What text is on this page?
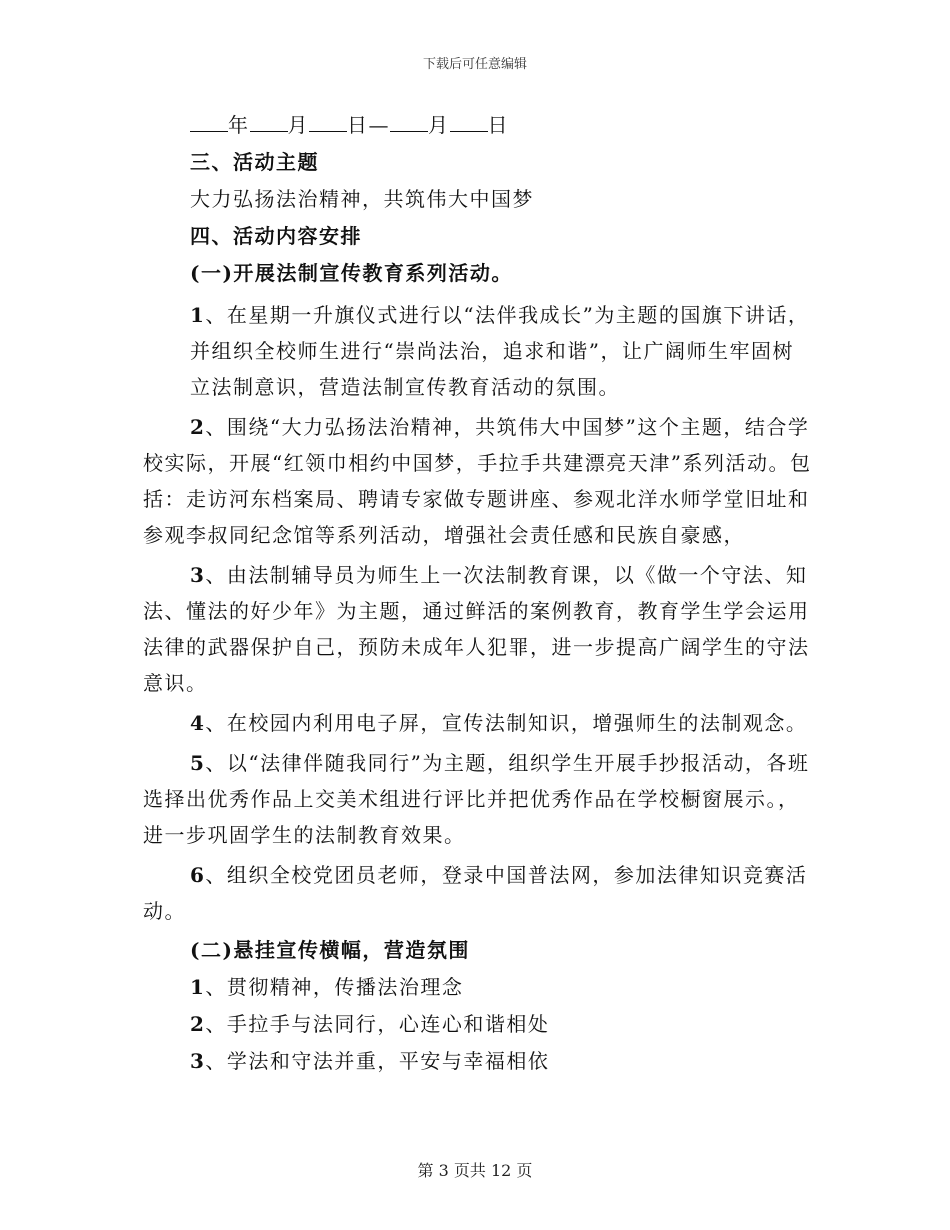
下载后可任意编辑
年 月 日— 月 日
三、活动主题
大力弘扬法治精神，共筑伟大中国梦
四、活动内容安排
(一)开展法制宣传教育系列活动。
1、在星期一升旗仪式进行以“法伴我成长”为主题的国旗下讲话，并组织全校师生进行“崇尚法治，追求和谐”，让广阔师生牢固树立法制意识，营造法制宣传教育活动的氛围。
2、围绕“大力弘扬法治精神，共筑伟大中国梦”这个主题，结合学校实际，开展“红领巾相约中国梦，手拉手共建漂亮天津”系列活动。包括：走访河东档案局、聘请专家做专题讲座、参观北洋水师学堂旧址和参观李叔同纪念馆等系列活动，增强社会责任感和民族自豪感，
3、由法制辅导员为师生上一次法制教育课，以《做一个守法、知法、懂法的好少年》为主题，通过鲜活的案例教育，教育学生学会运用法律的武器保护自己，预防未成年人犯罪，进一步提高广阔学生的守法意识。
4、在校园内利用电子屏，宣传法制知识，增强师生的法制观念。
5、以“法律伴随我同行”为主题，组织学生开展手抄报活动，各班选择出优秀作品上交美术组进行评比并把优秀作品在学校橱窗展示。，进一步巩固学生的法制教育效果。
6、组织全校党团员老师，登录中国普法网，参加法律知识竞赛活动。
(二)悬挂宣传横幅，营造氛围
1、贯彻精神，传播法治理念
2、手拉手与法同行，心连心和谐相处
3、学法和守法并重，平安与幸福相依
第 3 页共 12 页
